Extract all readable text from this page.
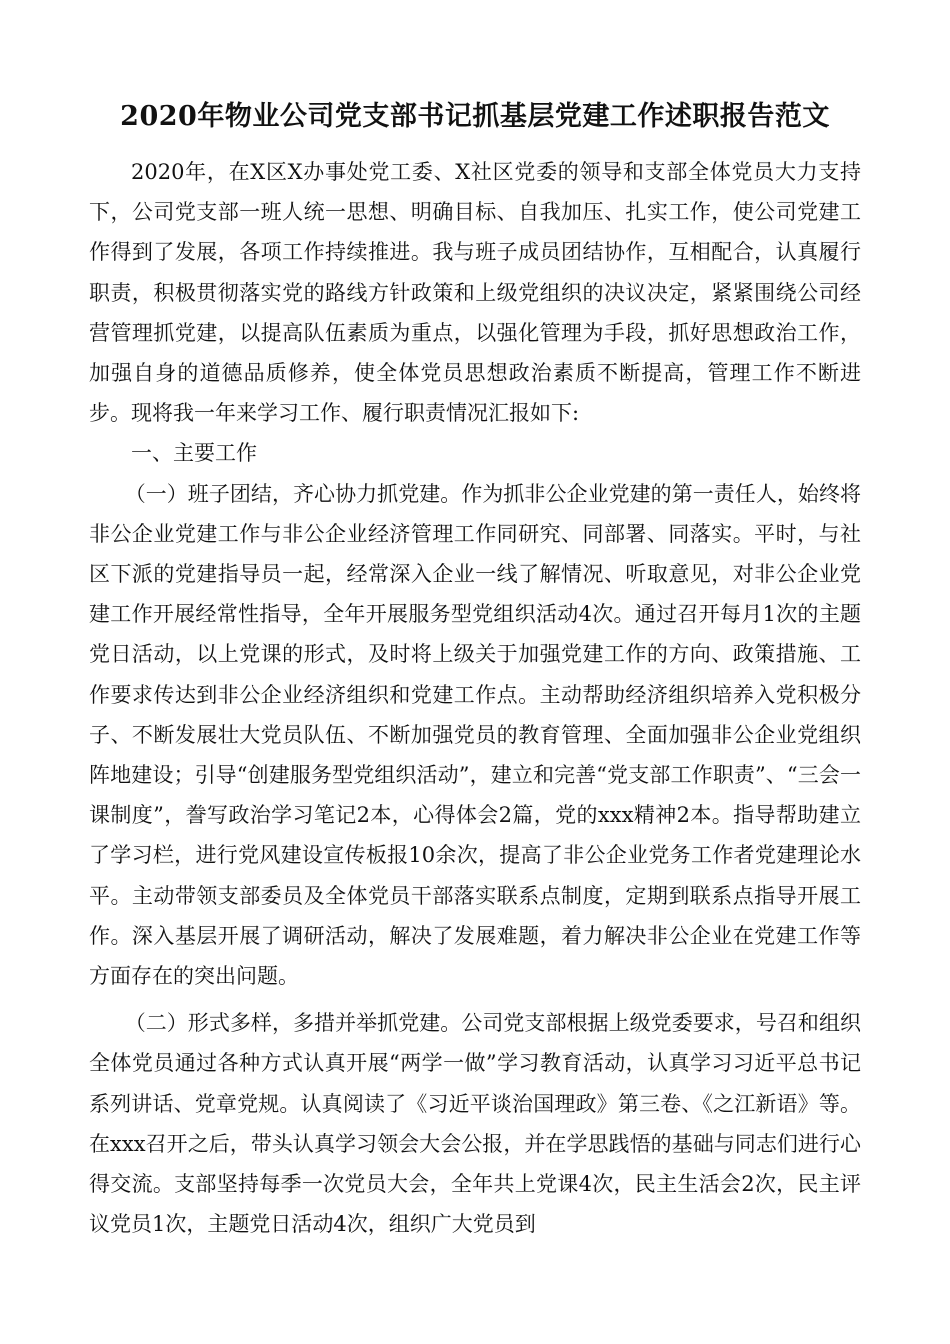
2020年物业公司党支部书记抓基层党建工作述职报告范文

2020年，在X区X办事处党工委、X社区党委的领导和支部全体党员大力支持下，公司党支部一班人统一思想、明确目标、自我加压、扎实工作，使公司党建工作得到了发展，各项工作持续推进。我与班子成员团结协作，互相配合，认真履行职责，积极贯彻落实党的路线方针政策和上级党组织的决议决定，紧紧围绕公司经营管理抓党建，以提高队伍素质为重点，以强化管理为手段，抓好思想政治工作，加强自身的道德品质修养，使全体党员思想政治素质不断提高，管理工作不断进步。现将我一年来学习工作、履行职责情况汇报如下:

一、主要工作

（一）班子团结，齐心协力抓党建。作为抓非公企业党建的第一责任人，始终将非公企业党建工作与非公企业经济管理工作同研究、同部署、同落实。平时，与社区下派的党建指导员一起，经常深入企业一线了解情况、听取意见，对非公企业党建工作开展经常性指导，全年开展服务型党组织活动4次。通过召开每月1次的主题党日活动，以上党课的形式，及时将上级关于加强党建工作的方向、政策措施、工作要求传达到非公企业经济组织和党建工作点。主动帮助经济组织培养入党积极分子、不断发展壮大党员队伍、不断加强党员的教育管理、全面加强非公企业党组织阵地建设；引导“创建服务型党组织活动”，建立和完善“党支部工作职责”、“三会一课制度”，誊写政治学习笔记2本，心得体会2篇，党的xxx精神2本。指导帮助建立了学习栏，进行党风建设宣传板报10余次，提高了非公企业党务工作者党建理论水平。主动带领支部委员及全体党员干部落实联系点制度，定期到联系点指导开展工作。深入基层开展了调研活动，解决了发展难题，着力解决非公企业在党建工作等方面存在的突出问题。

（二）形式多样，多措并举抓党建。公司党支部根据上级党委要求，号召和组织全体党员通过各种方式认真开展“两学一做”学习教育活动，认真学习习近平总书记系列讲话、党章党规。认真阅读了《习近平谈治国理政》第三卷、《之江新语》等。在xxx召开之后，带头认真学习领会大会公报，并在学思践悟的基础与同志们进行心得交流。支部坚持每季一次党员大会，全年共上党课4次，民主生活会2次，民主评议党员1次，主题党日活动4次，组织广大党员到
